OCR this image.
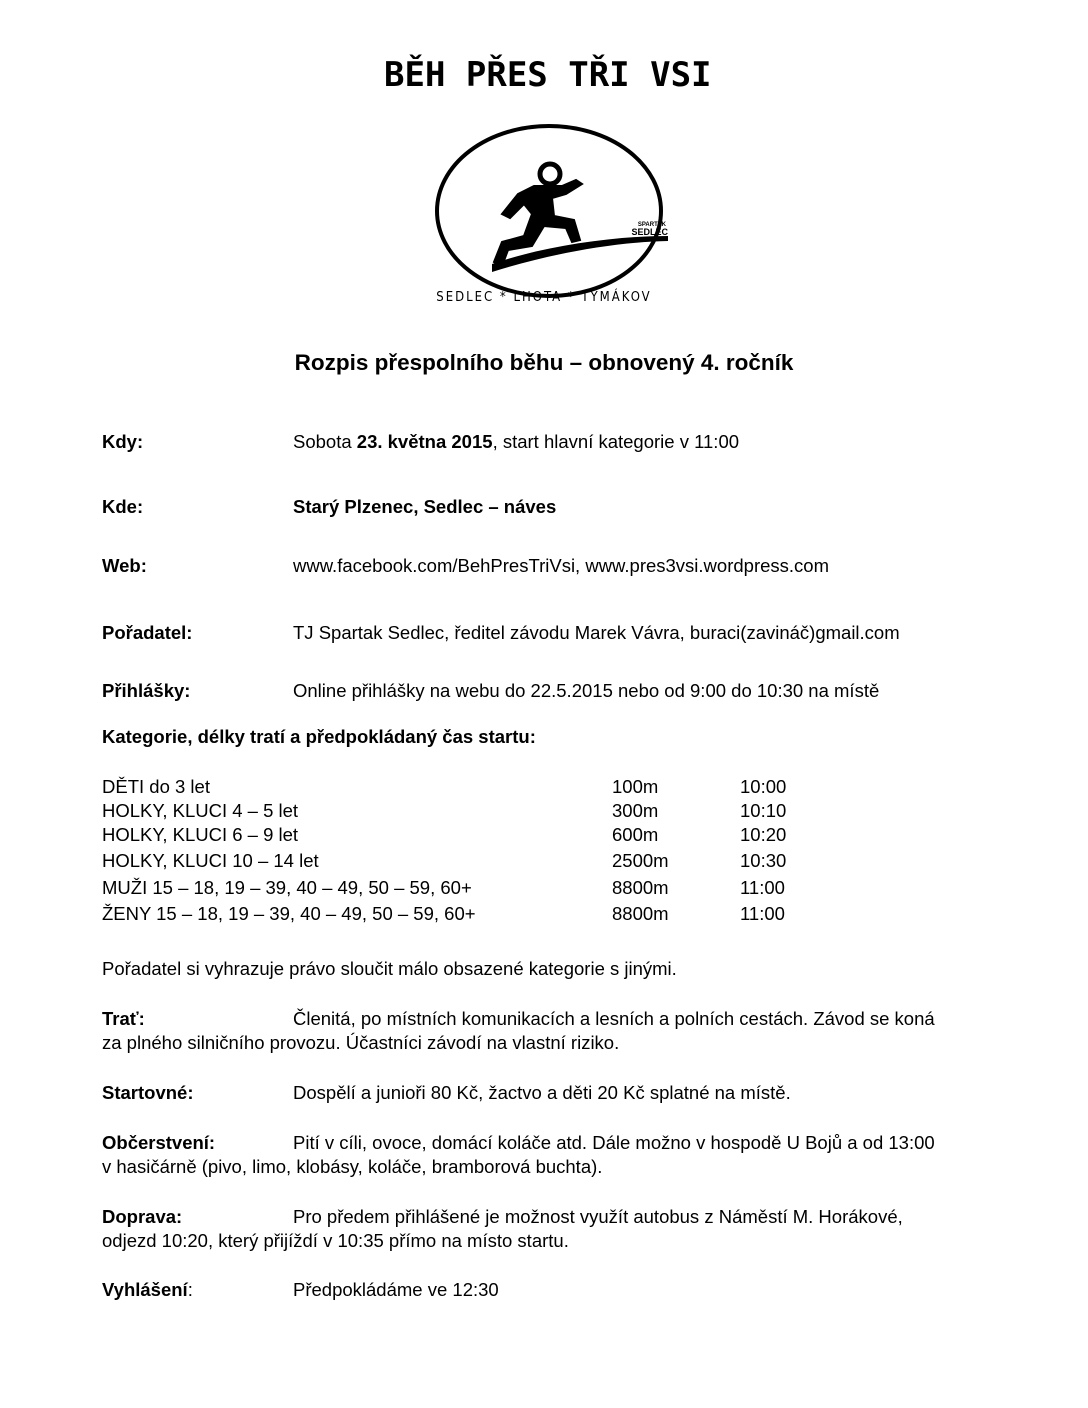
BĚH PŘES TŘI VSI
SPARTAK
SEDLEC
SEDLEC * LHOTA * TYMÁKOV
Rozpis přespolního běhu – obnovený 4. ročník
Kdy:	Sobota 23. května 2015, start hlavní kategorie v 11:00
Kde:	Starý Plzenec, Sedlec – náves
Web:	www.facebook.com/BehPresTriVsi, www.pres3vsi.wordpress.com
Pořadatel:	TJ Spartak Sedlec, ředitel závodu Marek Vávra, buraci(zavináč)gmail.com
Přihlášky:	Online přihlášky na webu do 22.5.2015 nebo od 9:00 do 10:30 na místě
Kategorie, délky tratí a předpokládaný čas startu:
DĚTI do 3 let	100m	10:00
HOLKY, KLUCI 4 – 5 let	300m	10:10
HOLKY, KLUCI 6 – 9 let	600m	10:20
HOLKY, KLUCI 10 – 14 let	2500m	10:30
MUŽI 15 – 18, 19 – 39, 40 – 49, 50 – 59, 60+	8800m	11:00
ŽENY 15 – 18, 19 – 39, 40 – 49, 50 – 59, 60+	8800m	11:00
Pořadatel si vyhrazuje právo sloučit málo obsazené kategorie s jinými.
Trať:	Členitá, po místních komunikacích a lesních a polních cestách. Závod se koná
za plného silničního provozu. Účastníci závodí na vlastní riziko.
Startovné:	Dospělí a junioři 80 Kč, žactvo a děti 20 Kč splatné na místě.
Občerstvení:	Pití v cíli, ovoce, domácí koláče atd. Dále možno v hospodě U Bojů a od 13:00
v hasičárně (pivo, limo, klobásy, koláče, bramborová buchta).
Doprava:	Pro předem přihlášené je možnost využít autobus z Náměstí M. Horákové,
odjezd 10:20, který přijíždí v 10:35 přímo na místo startu.
Vyhlášení:	Předpokládáme ve 12:30
